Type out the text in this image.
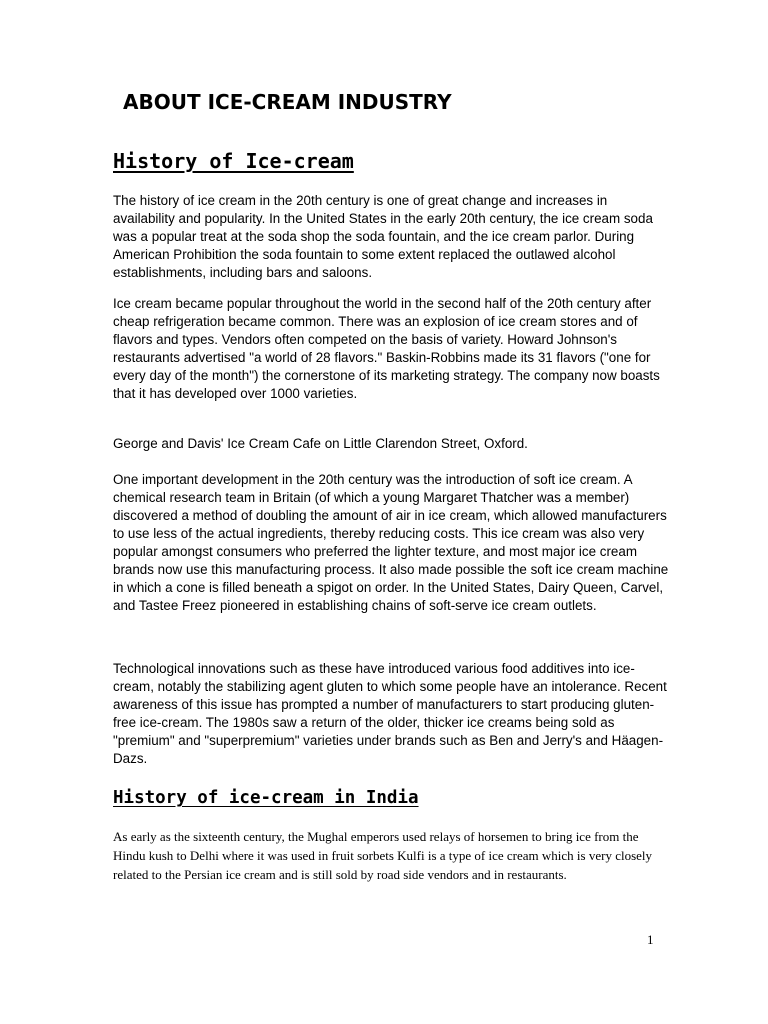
ABOUT ICE-CREAM INDUSTRY
History of Ice-cream

The history of ice cream in the 20th century is one of great change and increases in availability and popularity. In the United States in the early 20th century, the ice cream soda was a popular treat at the soda shop the soda fountain, and the ice cream parlor. During American Prohibition the soda fountain to some extent replaced the outlawed alcohol establishments, including bars and saloons.

Ice cream became popular throughout the world in the second half of the 20th century after cheap refrigeration became common. There was an explosion of ice cream stores and of flavors and types. Vendors often competed on the basis of variety. Howard Johnson's restaurants advertised "a world of 28 flavors." Baskin-Robbins made its 31 flavors ("one for every day of the month") the cornerstone of its marketing strategy. The company now boasts that it has developed over 1000 varieties.

George and Davis' Ice Cream Cafe on Little Clarendon Street, Oxford.

One important development in the 20th century was the introduction of soft ice cream. A chemical research team in Britain (of which a young Margaret Thatcher was a member) discovered a method of doubling the amount of air in ice cream, which allowed manufacturers to use less of the actual ingredients, thereby reducing costs. This ice cream was also very popular amongst consumers who preferred the lighter texture, and most major ice cream brands now use this manufacturing process. It also made possible the soft ice cream machine in which a cone is filled beneath a spigot on order. In the United States, Dairy Queen, Carvel, and Tastee Freez pioneered in establishing chains of soft-serve ice cream outlets.

Technological innovations such as these have introduced various food additives into ice-cream, notably the stabilizing agent gluten to which some people have an intolerance. Recent awareness of this issue has prompted a number of manufacturers to start producing gluten-free ice-cream. The 1980s saw a return of the older, thicker ice creams being sold as "premium" and "superpremium" varieties under brands such as Ben and Jerry's and Häagen-Dazs.

History of ice-cream in India

As early as the sixteenth century, the Mughal emperors used relays of horsemen to bring ice from the Hindu kush to Delhi where it was used in fruit sorbets Kulfi is a type of ice cream which is very closely related to the Persian ice cream and is still sold by road side vendors and in restaurants.

1
